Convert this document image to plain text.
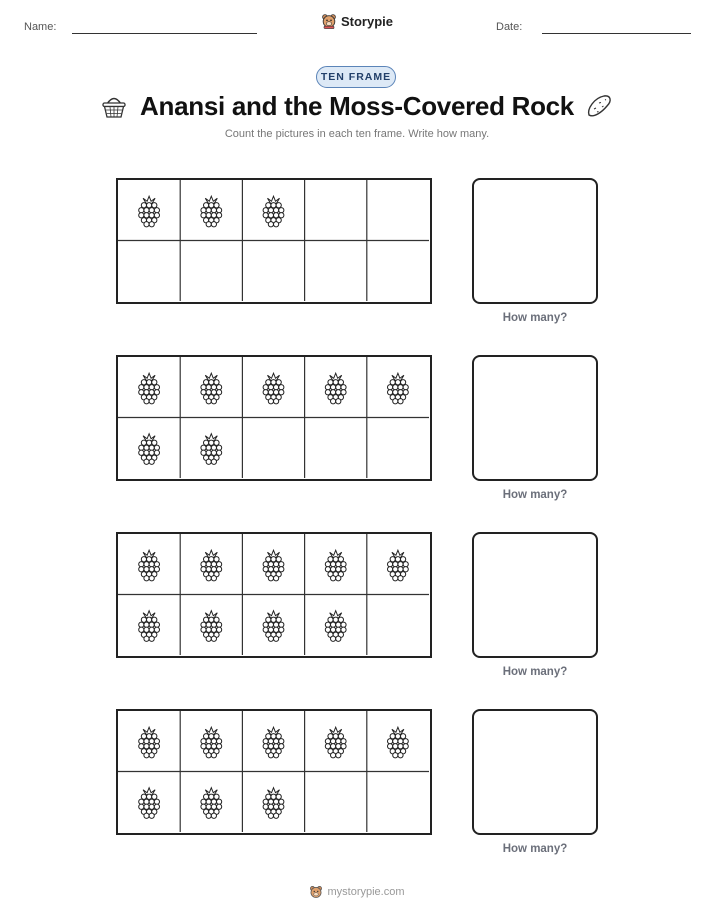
Name:	Storypie	Date:
TEN FRAME
Anansi and the Moss-Covered Rock
Count the pictures in each ten frame. Write how many.
How many?
How many?
How many?
How many?
mystorypie.com
